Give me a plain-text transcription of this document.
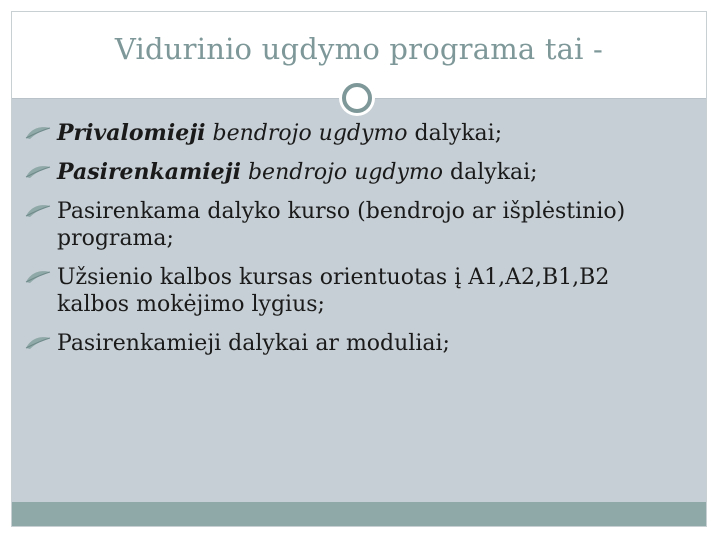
Vidurinio ugdymo programa tai -
Privalomieji bendrojo ugdymo dalykai;
Pasirenkamieji bendrojo ugdymo dalykai;
Pasirenkama dalyko kurso (bendrojo ar išplėstinio) programa;
Užsienio kalbos kursas orientuotas į A1,A2,B1,B2 kalbos mokėjimo lygius;
Pasirenkamieji dalykai ar moduliai;
